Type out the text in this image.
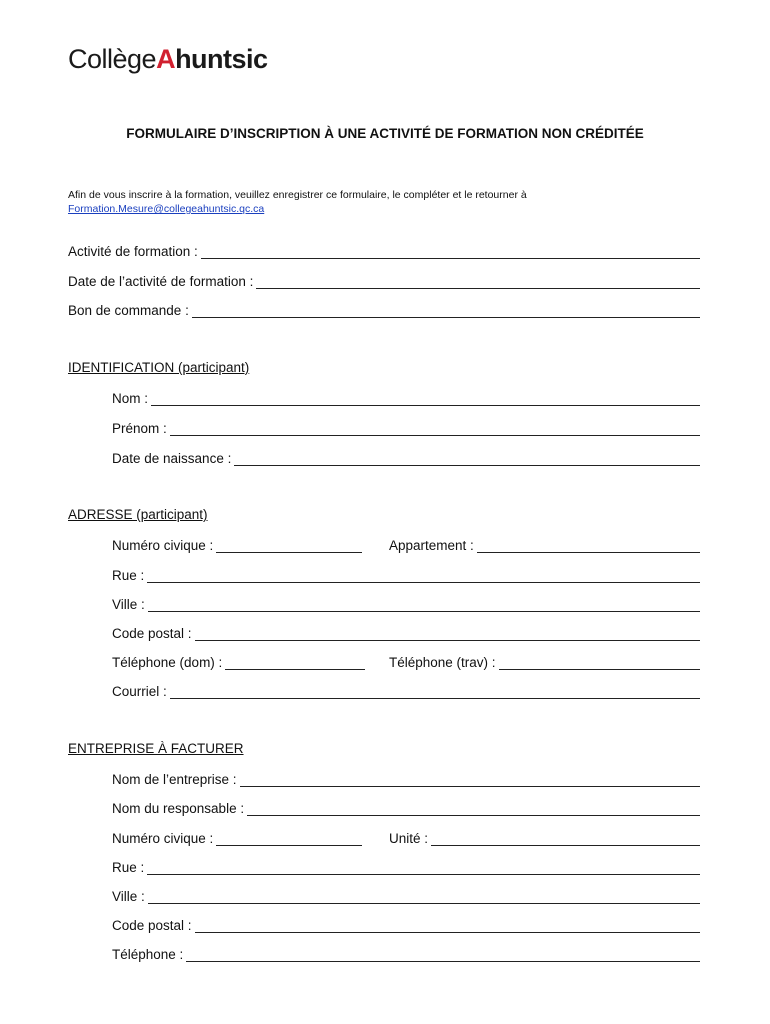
CollègeAhuntsic
FORMULAIRE D’INSCRIPTION À UNE ACTIVITÉ DE FORMATION NON CRÉDITÉE
Afin de vous inscrire à la formation, veuillez enregistrer ce formulaire, le compléter et le retourner à
Formation.Mesure@collegeahuntsic.qc.ca
Activité de formation :
Date de l’activité de formation :
Bon de commande :
IDENTIFICATION (participant)
Nom :
Prénom :
Date de naissance :
ADRESSE (participant)
Numéro civique :	Appartement :
Rue :
Ville :
Code postal :
Téléphone (dom) :	Téléphone (trav) :
Courriel :
ENTREPRISE À FACTURER
Nom de l’entreprise :
Nom du responsable :
Numéro civique :	Unité :
Rue :
Ville :
Code postal :
Téléphone :
